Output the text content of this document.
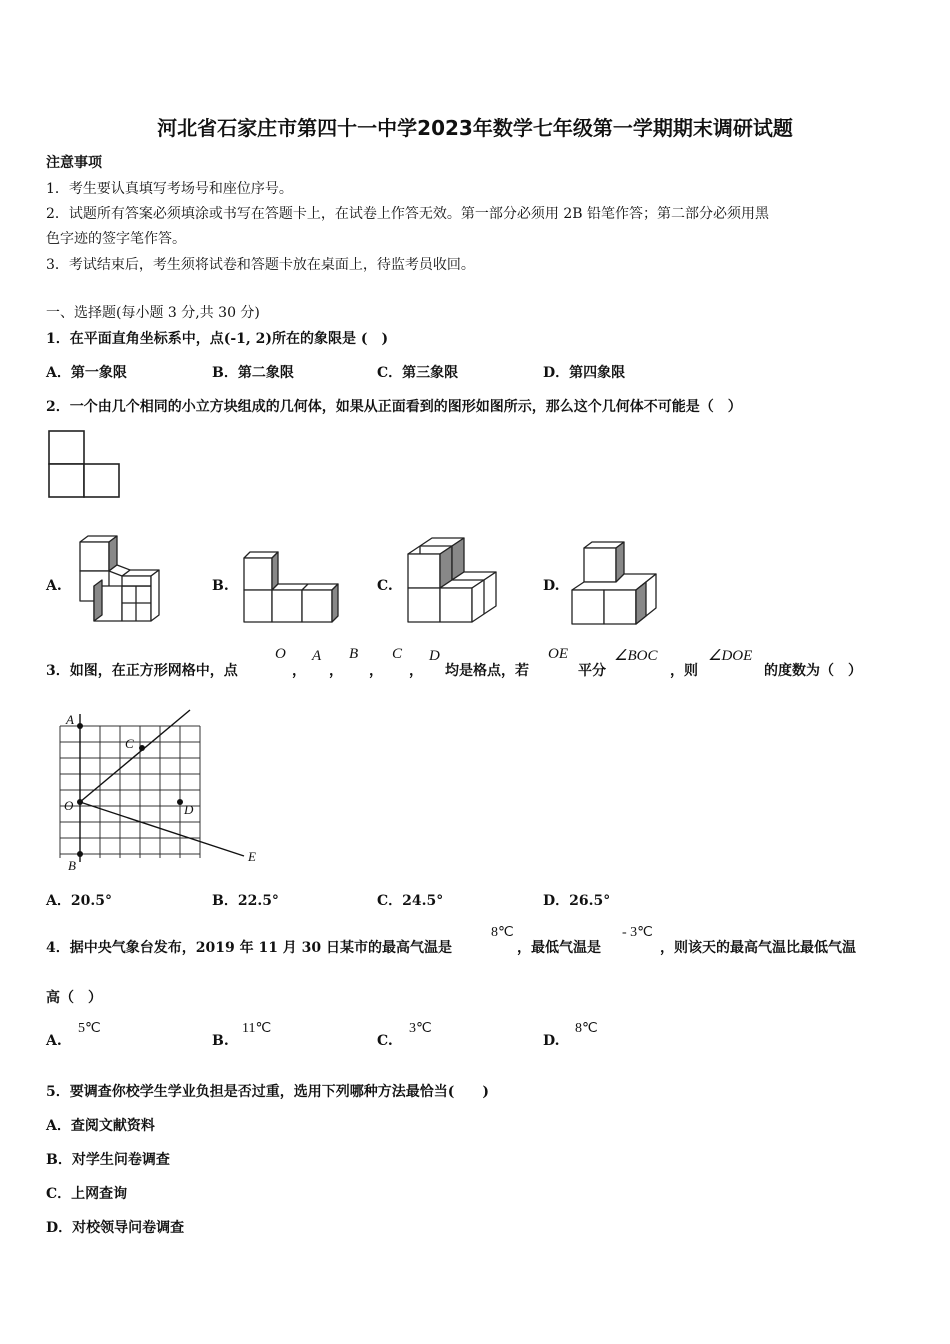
河北省石家庄市第四十一中学2023年数学七年级第一学期期末调研试题
注意事项
1．考生要认真填写考场号和座位序号。
2．试题所有答案必须填涂或书写在答题卡上，在试卷上作答无效。第一部分必须用 2B 铅笔作答；第二部分必须用黑
色字迹的签字笔作答。
3．考试结束后，考生须将试卷和答题卡放在桌面上，待监考员收回。
一、选择题(每小题 3 分,共 30 分)
1．在平面直角坐标系中，点(-1, 2)所在的象限是 (　)
A．第一象限	B．第二象限	C．第三象限	D．第四象限
2．一个由几个相同的小立方块组成的几何体，如果从正面看到的图形如图所示，那么这个几何体不可能是（　）
A.	B.	C.	D.
3．如图，在正方形网格中，点
O
，
A
，
B
，
C
，
D
均是格点，若
OE
平分
∠BOC
，则
∠DOE
的度数为（　）
A
C
O	D
B
E
A．20.5°	B．22.5°	C．24.5°	D．26.5°
4．据中央气象台发布，2019 年 11 月 30 日某市的最高气温是
8℃
，最低气温是
- 3℃
，则该天的最高气温比最低气温
高（　）
A.
5℃
B.
11℃
C.
3℃
D.
8℃
5．要调查你校学生学业负担是否过重，选用下列哪种方法最恰当(　　)
A．查阅文献资料
B．对学生问卷调查
C．上网查询
D．对校领导问卷调查
